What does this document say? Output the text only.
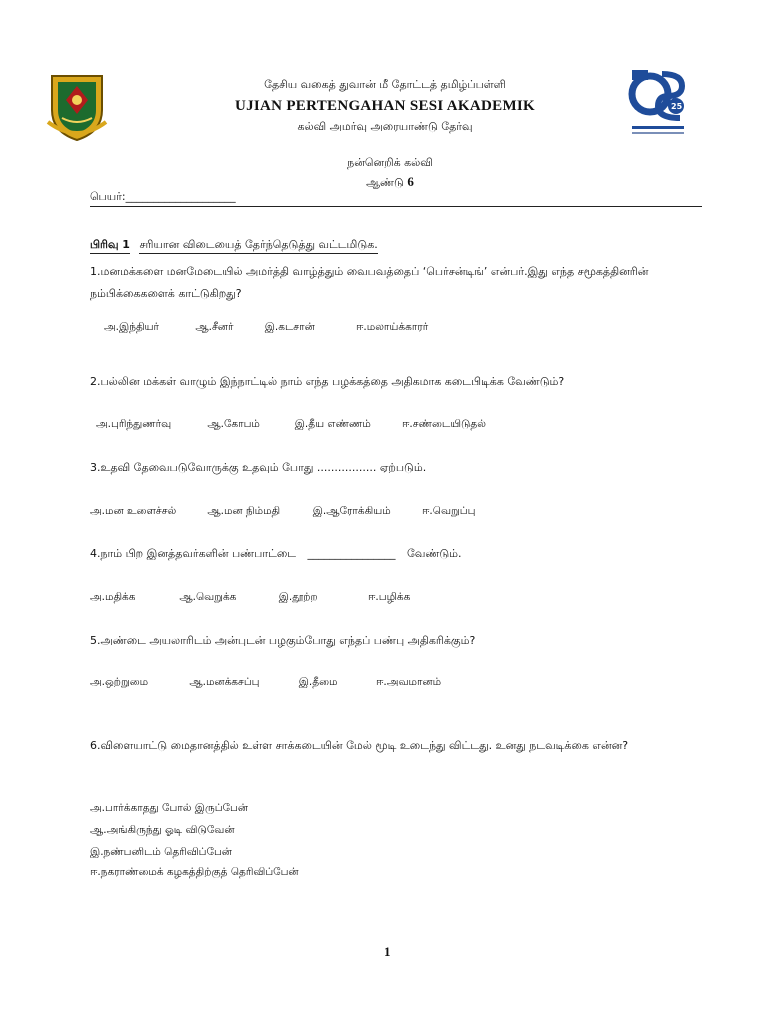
25
தேசிய வகைத் துவான் மீ தோட்டத் தமிழ்ப்பள்ளி
UJIAN PERTENGAHAN SESI AKADEMIK
கல்வி அமர்வு அரையாண்டு தேர்வு
நன்னெறிக் கல்வி
ஆண்டு 6
பெயர்:____________________
பிரிவு 1 சரியான விடையைத் தேர்ந்தெடுத்து வட்டமிடுக.
1.மனமக்களை மனமேடையில் அமர்த்தி வாழ்த்தும் வைபவத்தைப் ‘பெர்சன்டிங்’ என்பர்.இது எந்த சமூகத்தினரின் நம்பிக்கைகளைக் காட்டுகிறது?
அ.இந்தியர்	ஆ.சீனர்	இ.கடசான்	ஈ.மலாய்க்காரர்
2.பல்லின மக்கள் வாழும் இந்நாட்டில் நாம் எந்த பழக்கத்தை அதிகமாக கடைபிடிக்க வேண்டும்?
அ.புரிந்துணர்வு	ஆ.கோபம்	இ.தீய எண்ணம்	ஈ.சண்டையிடுதல்
3.உதவி தேவைபடுவோருக்கு உதவும் போது ................. ஏற்படும்.
அ.மன உளைச்சல்	ஆ.மன நிம்மதி	இ.ஆரோக்கியம்	ஈ.வெறுப்பு
4.நாம் பிற இனத்தவர்களின் பண்பாட்டை ________________ வேண்டும்.
அ.மதிக்க	ஆ.வெறுக்க	இ.தூற்ற	ஈ.பழிக்க
5.அண்டை அயலாரிடம் அன்புடன் பழகும்போது எந்தப் பண்பு அதிகரிக்கும்?
அ.ஒற்றுமை	ஆ.மனக்கசப்பு	இ.தீமை	ஈ.அவமானம்
6.விளையாட்டு மைதானத்தில் உள்ள சாக்கடையின் மேல் மூடி உடைந்து விட்டது. உனது நடவடிக்கை என்ன?
அ.பார்க்காதது போல் இருப்பேன்
ஆ.அங்கிருந்து ஓடி விடுவேன்
இ.நண்பனிடம் தெரிவிப்பேன்
ஈ.நகராண்மைக் கழகத்திற்குத் தெரிவிப்பேன்
1
